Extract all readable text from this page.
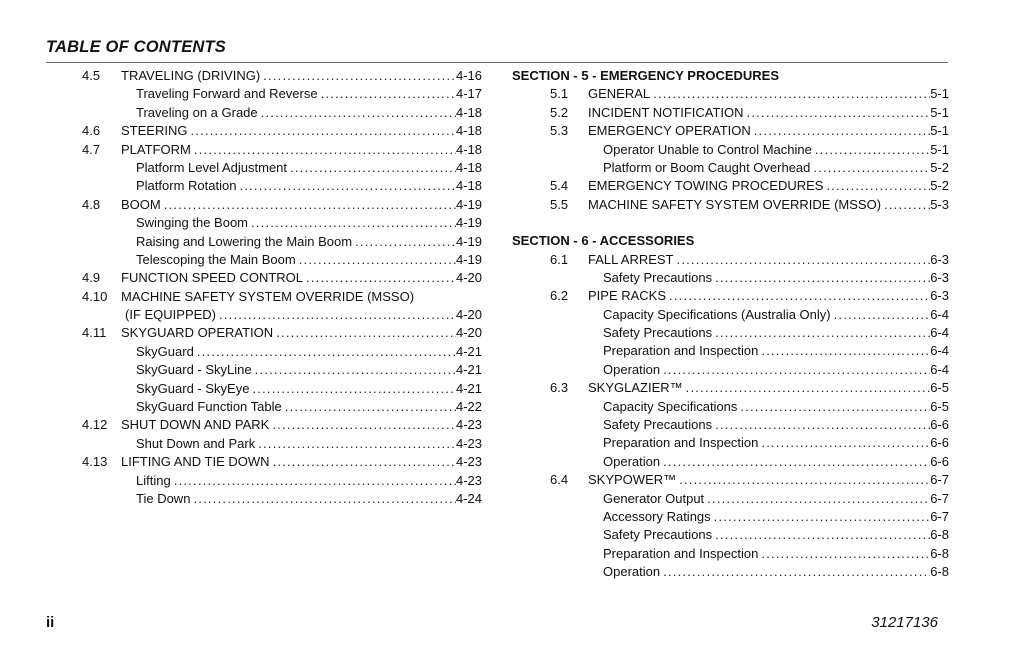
TABLE OF CONTENTS
4.5 TRAVELING (DRIVING) . . .	4-16
Traveling Forward and Reverse . . .	4-17
Traveling on a Grade . . .	4-18
4.6 STEERING . . .	4-18
4.7 PLATFORM . . .	4-18
Platform Level Adjustment . . .	4-18
Platform Rotation . . .	4-18
4.8 BOOM . . .	4-19
Swinging the Boom . . .	4-19
Raising and Lowering the Main Boom . . .	4-19
Telescoping the Main Boom . . .	4-19
4.9 FUNCTION SPEED CONTROL . . .	4-20
4.10 MACHINE SAFETY SYSTEM OVERRIDE (MSSO)
(IF EQUIPPED) . . .	4-20
4.11 SKYGUARD OPERATION . . .	4-20
SkyGuard . . .	4-21
SkyGuard - SkyLine . . .	4-21
SkyGuard - SkyEye . . .	4-21
SkyGuard Function Table . . .	4-22
4.12 SHUT DOWN AND PARK . . .	4-23
Shut Down and Park . . .	4-23
4.13 LIFTING AND TIE DOWN . . .	4-23
Lifting . . .	4-23
Tie Down . . .	4-24
SECTION - 5 - EMERGENCY PROCEDURES
5.1 GENERAL . . .	5-1
5.2 INCIDENT NOTIFICATION . . .	5-1
5.3 EMERGENCY OPERATION . . .	5-1
Operator Unable to Control Machine . . .	5-1
Platform or Boom Caught Overhead . . .	5-2
5.4 EMERGENCY TOWING PROCEDURES . . .	5-2
5.5 MACHINE SAFETY SYSTEM OVERRIDE (MSSO) . . .	5-3
SECTION - 6 - ACCESSORIES
6.1 FALL ARREST . . .	6-3
Safety Precautions . . .	6-3
6.2 PIPE RACKS . . .	6-3
Capacity Specifications (Australia Only) . . .	6-4
Safety Precautions . . .	6-4
Preparation and Inspection . . .	6-4
Operation . . .	6-4
6.3 SKYGLAZIER™ . . .	6-5
Capacity Specifications . . .	6-5
Safety Precautions . . .	6-6
Preparation and Inspection . . .	6-6
Operation . . .	6-6
6.4 SKYPOWER™ . . .	6-7
Generator Output . . .	6-7
Accessory Ratings . . .	6-7
Safety Precautions . . .	6-8
Preparation and Inspection . . .	6-8
Operation . . .	6-8
ii	31217136
